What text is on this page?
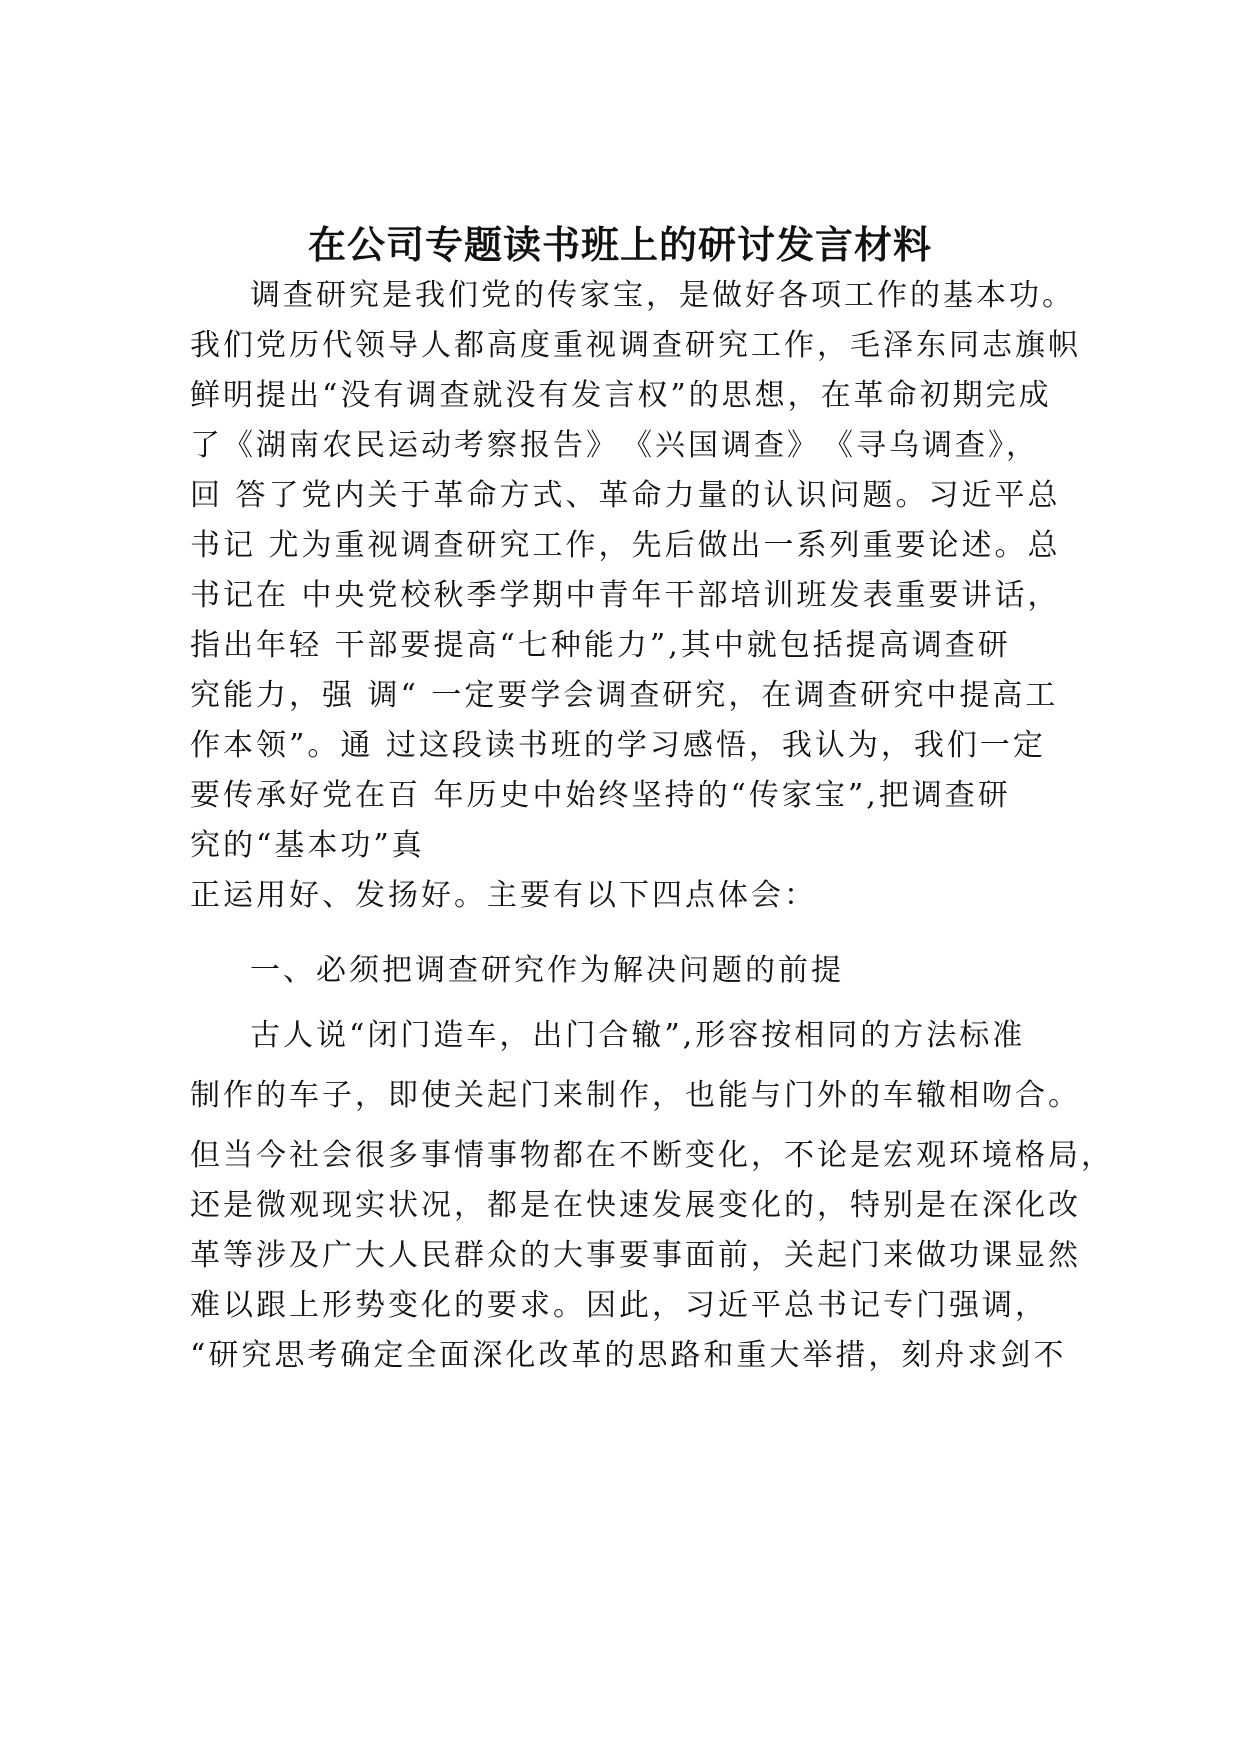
在公司专题读书班上的研讨发言材料
调查研究是我们党的传家宝，是做好各项工作的基本功。
我们党历代领导人都高度重视调查研究工作，毛泽东同志旗帜
鲜明提出“没有调查就没有发言权”的思想，在革命初期完成
了《湖南农民运动考察报告》　《兴国调查》　《寻乌调查》，
回 答了党内关于革命方式、革命力量的认识问题。习近平总
书记 尤为重视调查研究工作，先后做出一系列重要论述。总
书记在 中央党校秋季学期中青年干部培训班发表重要讲话，
指出年轻 干部要提高“七种能力”,其中就包括提高调查研
究能力，强 调“ 一定要学会调查研究，在调查研究中提高工
作本领”。通 过这段读书班的学习感悟，我认为，我们一定
要传承好党在百 年历史中始终坚持的“传家宝”,把调查研
究的“基本功”真
正运用好、发扬好。主要有以下四点体会：
一、必须把调查研究作为解决问题的前提
古人说“闭门造车，出门合辙”,形容按相同的方法标准
制作的车子，即使关起门来制作，也能与门外的车辙相吻合。
但当今社会很多事情事物都在不断变化，不论是宏观环境格局，
还是微观现实状况，都是在快速发展变化的，特别是在深化改
革等涉及广大人民群众的大事要事面前，关起门来做功课显然
难以跟上形势变化的要求。因此，习近平总书记专门强调，
“研究思考确定全面深化改革的思路和重大举措，刻舟求剑不
